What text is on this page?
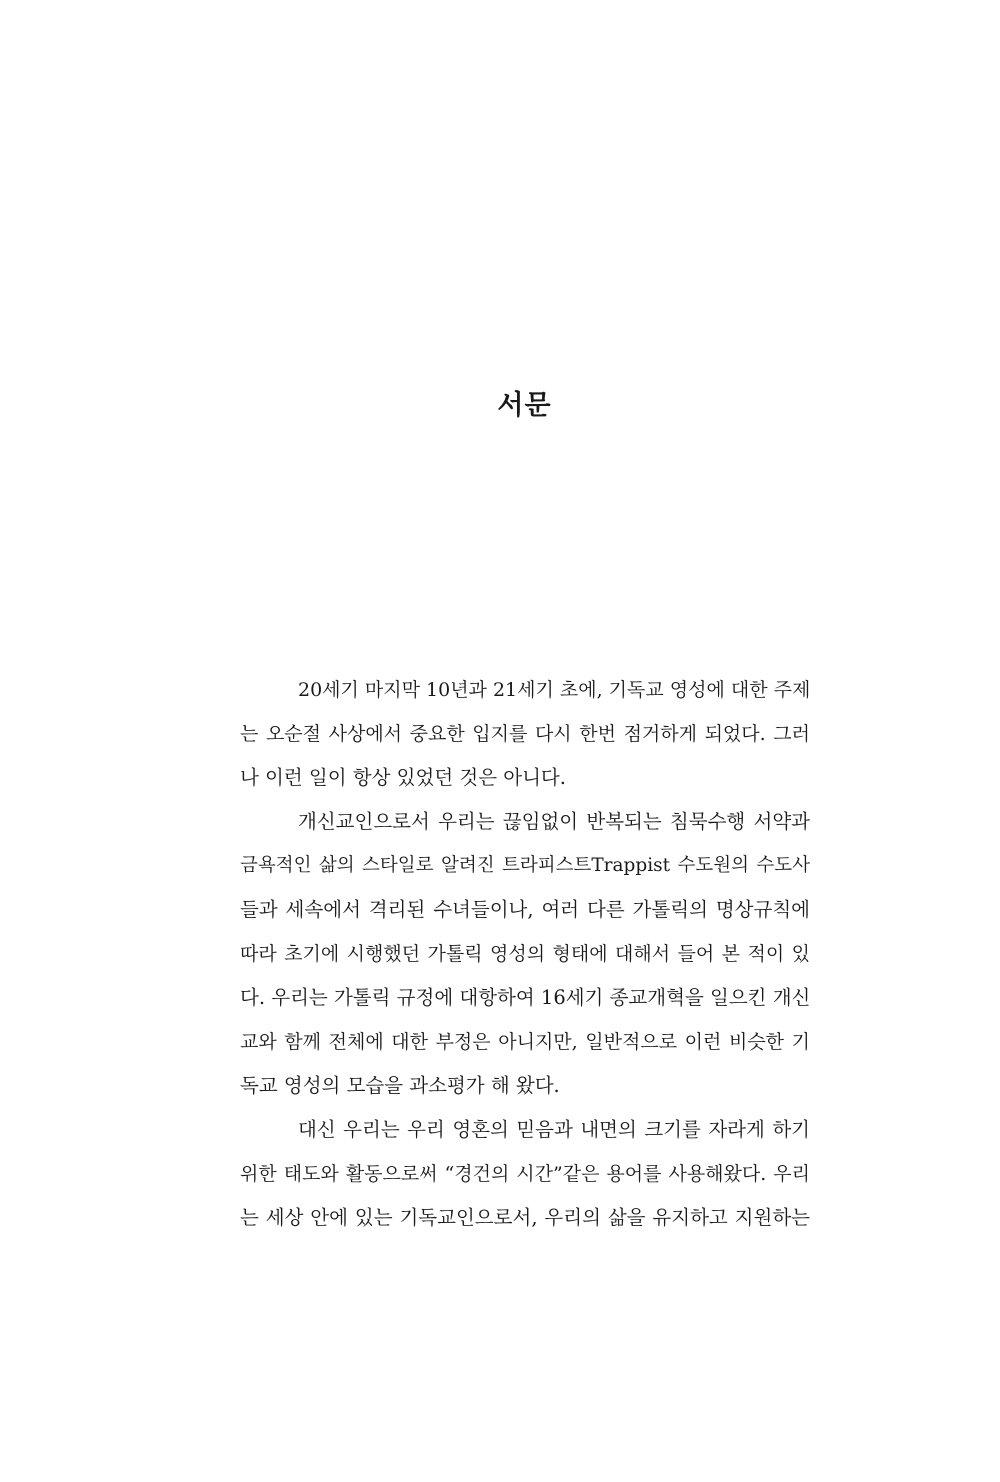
서문
20세기 마지막 10년과 21세기 초에, 기독교 영성에 대한 주제
는 오순절 사상에서 중요한 입지를 다시 한번 점거하게 되었다. 그러
나 이런 일이 항상 있었던 것은 아니다.
개신교인으로서 우리는 끊임없이 반복되는 침묵수행 서약과
금욕적인 삶의 스타일로 알려진 트라피스트Trappist 수도원의 수도사
들과 세속에서 격리된 수녀들이나, 여러 다른 가톨릭의 명상규칙에
따라 초기에 시행했던 가톨릭 영성의 형태에 대해서 들어 본 적이 있
다. 우리는 가톨릭 규정에 대항하여 16세기 종교개혁을 일으킨 개신
교와 함께 전체에 대한 부정은 아니지만, 일반적으로 이런 비슷한 기
독교 영성의 모습을 과소평가 해 왔다.
대신 우리는 우리 영혼의 믿음과 내면의 크기를 자라게 하기
위한 태도와 활동으로써 “경건의 시간”같은 용어를 사용해왔다. 우리
는 세상 안에 있는 기독교인으로서, 우리의 삶을 유지하고 지원하는
